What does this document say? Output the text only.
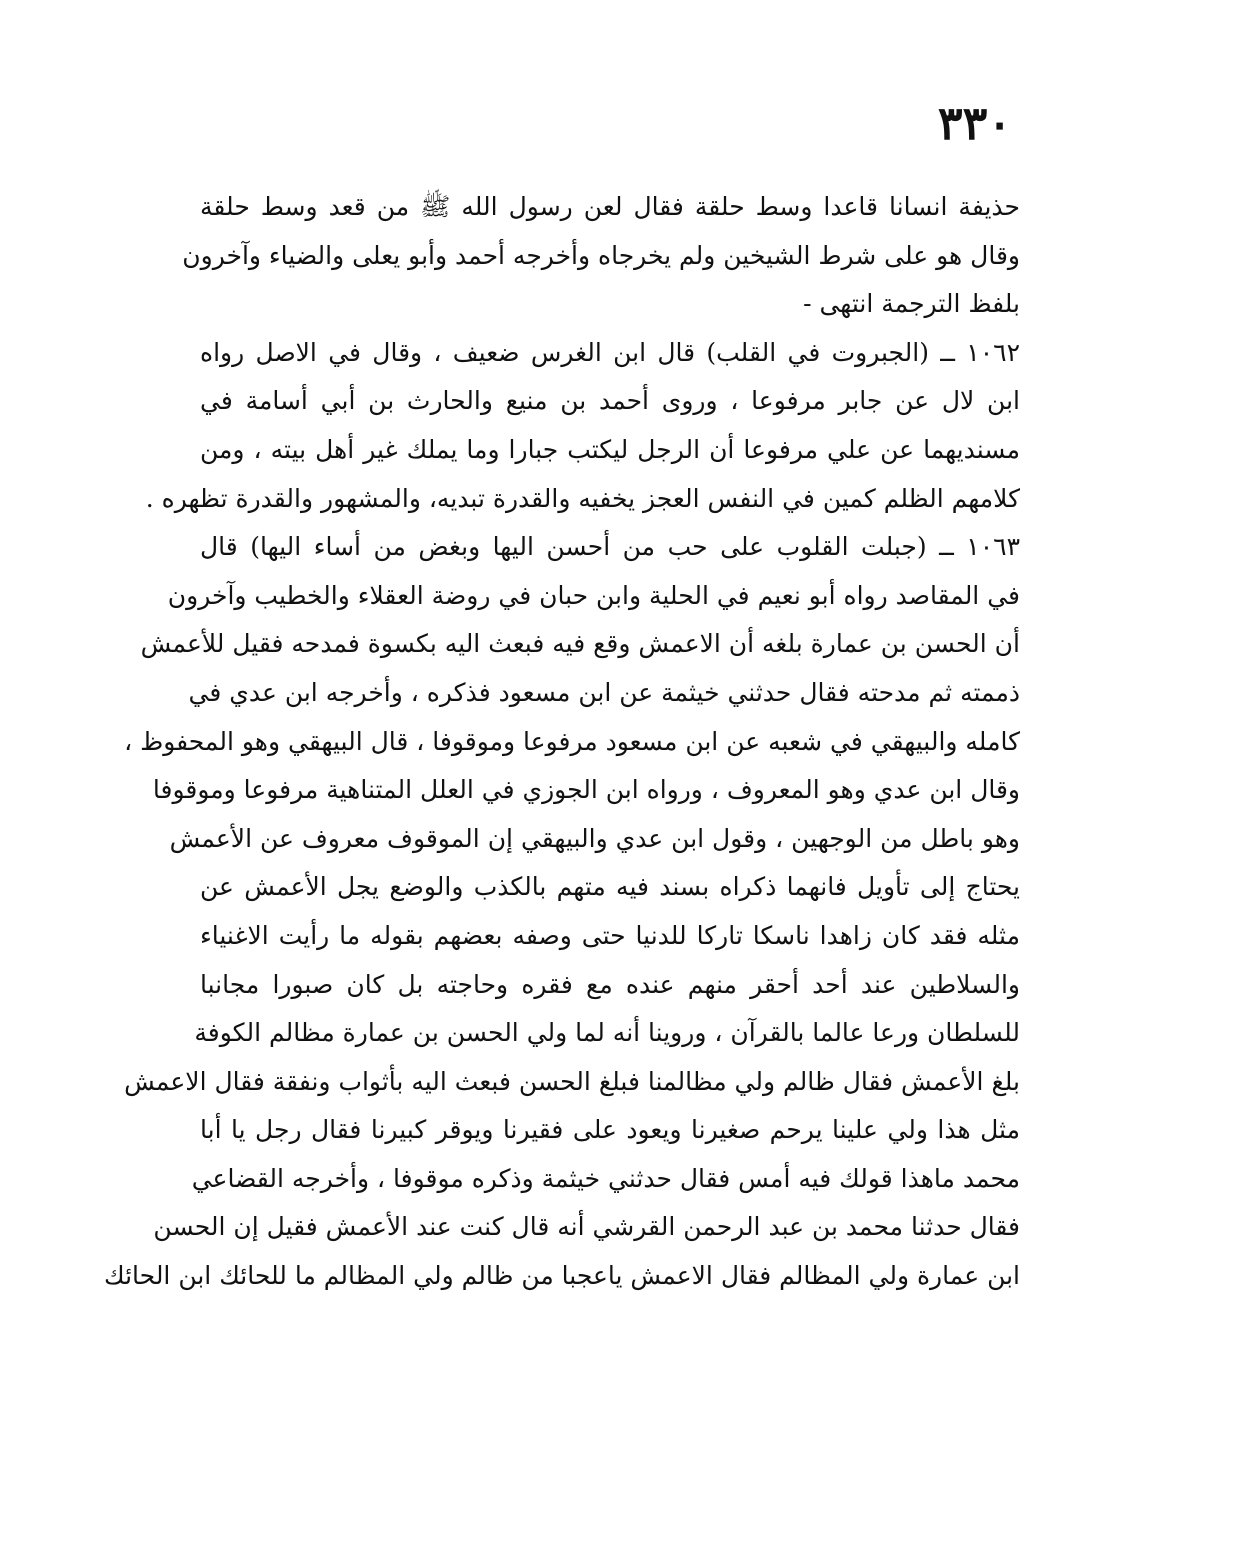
٣٣٠
حذيفة انسانا قاعدا وسط حلقة فقال لعن رسول الله ﷺ من قعد وسط حلقة
وقال هو على شرط الشيخين ولم يخرجاه وأخرجه أحمد وأبو يعلى والضياء وآخرون
بلفظ الترجمة انتهى -
١٠٦٢ ــ (الجبروت في القلب) قال ابن الغرس ضعيف ، وقال في الاصل رواه
ابن لال عن جابر مرفوعا ، وروى أحمد بن منيع والحارث بن أبي أسامة في
مسنديهما عن علي مرفوعا أن الرجل ليكتب جبارا وما يملك غير أهل بيته ، ومن
كلامهم الظلم كمين في النفس العجز يخفيه والقدرة تبديه، والمشهور والقدرة تظهره .
١٠٦٣ ــ (جبلت القلوب على حب من أحسن اليها وبغض من أساء اليها) قال
في المقاصد رواه أبو نعيم في الحلية وابن حبان في روضة العقلاء والخطيب وآخرون
أن الحسن بن عمارة بلغه أن الاعمش وقع فيه فبعث اليه بكسوة فمدحه فقيل للأعمش
ذممته ثم مدحته فقال حدثني خيثمة عن ابن مسعود فذكره ، وأخرجه ابن عدي في
كامله والبيهقي في شعبه عن ابن مسعود مرفوعا وموقوفا ، قال البيهقي وهو المحفوظ ،
وقال ابن عدي وهو المعروف ، ورواه ابن الجوزي في العلل المتناهية مرفوعا وموقوفا
وهو باطل من الوجهين ، وقول ابن عدي والبيهقي إن الموقوف معروف عن الأعمش
يحتاج إلى تأويل فانهما ذكراه بسند فيه متهم بالكذب والوضع يجل الأعمش عن
مثله فقد كان زاهدا ناسكا تاركا للدنيا حتى وصفه بعضهم بقوله ما رأيت الاغنياء
والسلاطين عند أحد أحقر منهم عنده مع فقره وحاجته بل كان صبورا مجانبا
للسلطان ورعا عالما بالقرآن ، وروينا أنه لما ولي الحسن بن عمارة مظالم الكوفة
بلغ الأعمش فقال ظالم ولي مظالمنا فبلغ الحسن فبعث اليه بأثواب ونفقة فقال الاعمش
مثل هذا ولي علينا يرحم صغيرنا ويعود على فقيرنا ويوقر كبيرنا فقال رجل يا أبا
محمد ماهذا قولك فيه أمس فقال حدثني خيثمة وذكره موقوفا ، وأخرجه القضاعي
فقال حدثنا محمد بن عبد الرحمن القرشي أنه قال كنت عند الأعمش فقيل إن الحسن
ابن عمارة ولي المظالم فقال الاعمش ياعجبا من ظالم ولي المظالم ما للحائك ابن الحائك
